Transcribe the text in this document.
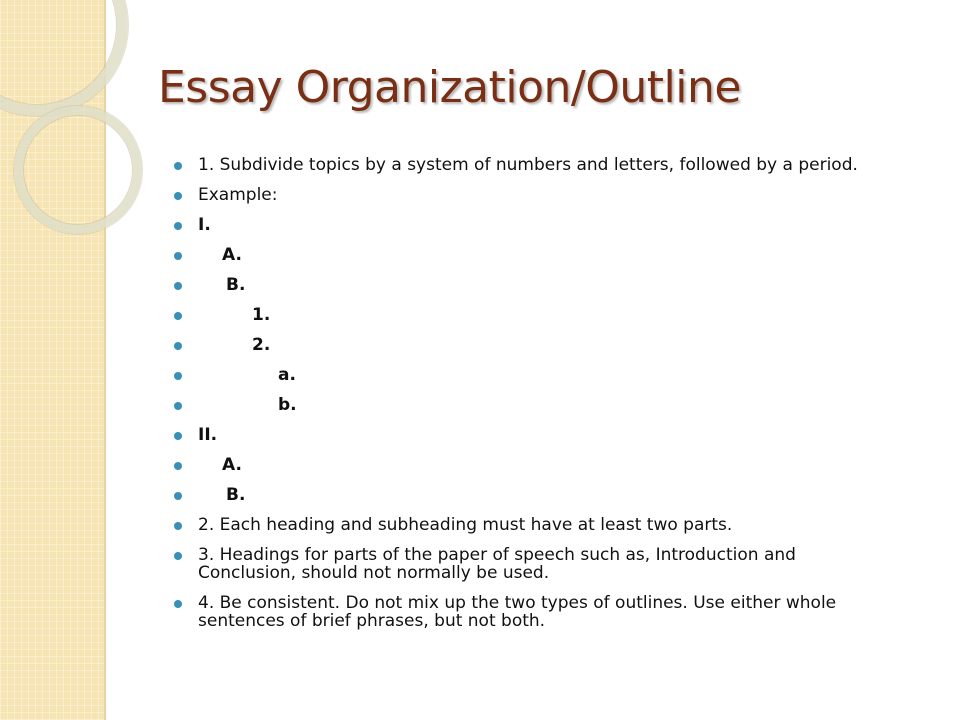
Essay Organization/Outline
1. Subdivide topics by a system of numbers and letters, followed by a period.
Example:
I.
A.
B.
1.
2.
a.
b.
II.
A.
B.
2. Each heading and subheading must have at least two parts.
3. Headings for parts of the paper of speech such as, Introduction and Conclusion, should not normally be used.
4. Be consistent. Do not mix up the two types of outlines. Use either whole sentences of brief phrases, but not both.
